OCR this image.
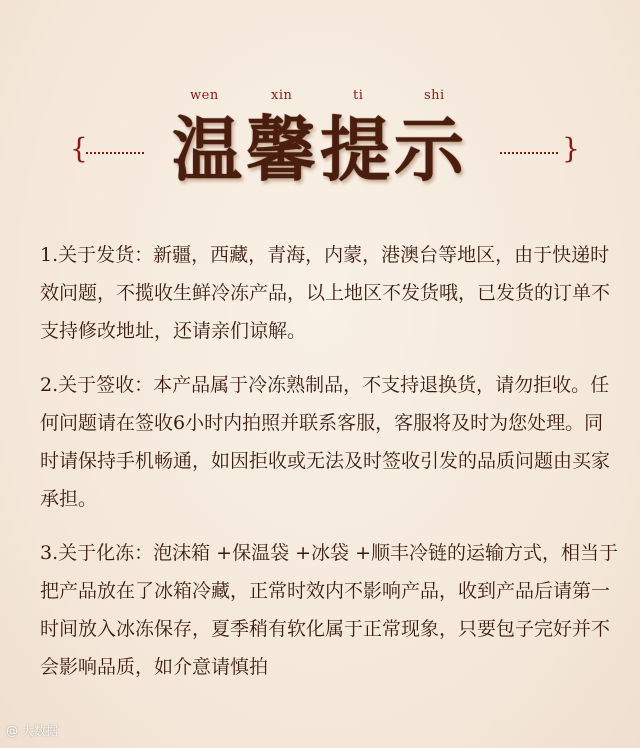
wen	xin	ti	shi
{ 温馨提示	}

1.关于发货：新疆，西藏，青海，内蒙，港澳台等地区，由于快递时效问题，不揽收生鲜冷冻产品，以上地区不发货哦，已发货的订单不支持修改地址，还请亲们谅解。

2.关于签收：本产品属于冷冻熟制品，不支持退换货，请勿拒收。任何问题请在签收6小时内拍照并联系客服，客服将及时为您处理。同时请保持手机畅通，如因拒收或无法及时签收引发的品质问题由买家承担。

3.关于化冻：泡沫箱 +保温袋 +冰袋 +顺丰冷链的运输方式，相当于把产品放在了冰箱冷藏，正常时效内不影响产品，收到产品后请第一时间放入冰冻保存，夏季稍有软化属于正常现象，只要包子完好并不会影响品质，如介意请慎拍

@ 大数据
